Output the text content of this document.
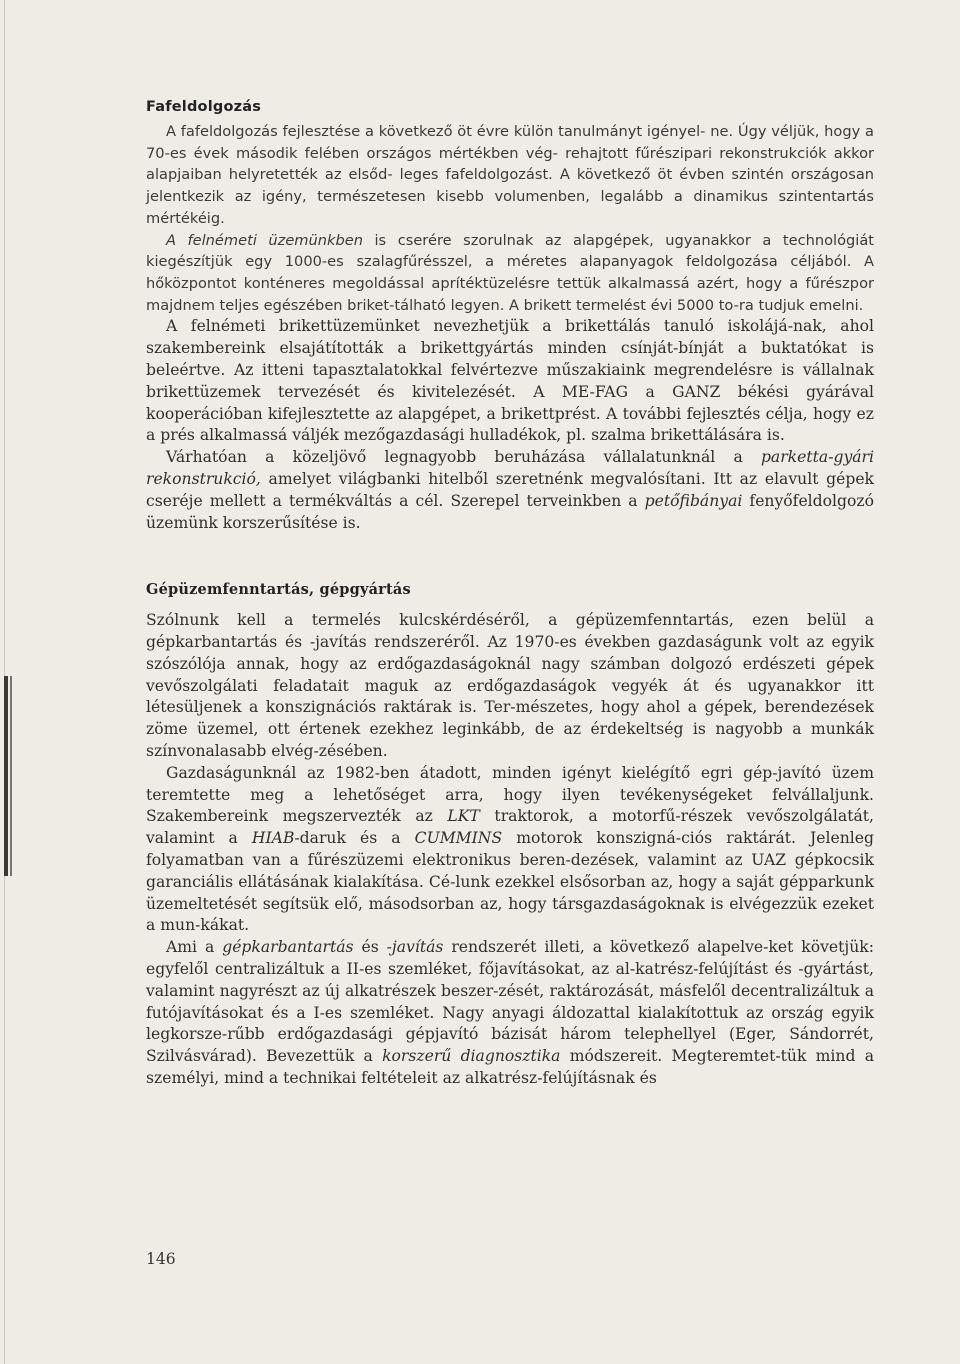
Fafeldolgozás

A fafeldolgozás fejlesztése a következő öt évre külön tanulmányt igényel- ne. Úgy véljük, hogy a 70-es évek második felében országos mértékben vég- rehajtott fűrészipari rekonstrukciók akkor alapjaiban helyretették az elsőd- leges fafeldolgozást. A következő öt évben szintén országosan jelentkezik az igény, természetesen kisebb volumenben, legalább a dinamikus szintentartás mértékéig.

A felnémeti üzemünkben is cserére szorulnak az alapgépek, ugyanakkor a technológiát kiegészítjük egy 1000-es szalagfűrésszel, a méretes alapanyagok feldolgozása céljából. A hőközpontot konténeres megoldással aprítéktüzelésre tettük alkalmassá azért, hogy a fűrészpor majdnem teljes egészében briket-tálható legyen. A brikett termelést évi 5000 to-ra tudjuk emelni.

A felnémeti brikettüzemünket nevezhetjük a brikettálás tanuló iskolájá-nak, ahol szakembereink elsajátították a brikettgyártás minden csínját-bínját a buktatókat is beleértve. Az itteni tapasztalatokkal felvértezve műszakiaink megrendelésre is vállalnak brikettüzemek tervezését és kivitelezését. A ME-FAG a GANZ békési gyárával kooperációban kifejlesztette az alapgépet, a brikettprést. A további fejlesztés célja, hogy ez a prés alkalmassá váljék mezőgazdasági hulladékok, pl. szalma brikettálására is.

Várhatóan a közeljövő legnagyobb beruházása vállalatunknál a parketta-gyári rekonstrukció, amelyet világbanki hitelből szeretnénk megvalósítani. Itt az elavult gépek cseréje mellett a termékváltás a cél. Szerepel terveinkben a petőfibányai fenyőfeldolgozó üzemünk korszerűsítése is.

Gépüzemfenntartás, gépgyártás

Szólnunk kell a termelés kulcskérdéséről, a gépüzemfenntartás, ezen belül a gépkarbantartás és -javítás rendszeréről. Az 1970-es években gazdaságunk volt az egyik szószólója annak, hogy az erdőgazdaságoknál nagy számban dolgozó erdészeti gépek vevőszolgálati feladatait maguk az erdőgazdaságok vegyék át és ugyanakkor itt létesüljenek a konszignációs raktárak is. Ter-mészetes, hogy ahol a gépek, berendezések zöme üzemel, ott értenek ezekhez leginkább, de az érdekeltség is nagyobb a munkák színvonalasabb elvég-zésében.

Gazdaságunknál az 1982-ben átadott, minden igényt kielégítő egri gép-javító üzem teremtette meg a lehetőséget arra, hogy ilyen tevékenységeket felvállaljunk. Szakembereink megszervezték az LKT traktorok, a motorfű-részek vevőszolgálatát, valamint a HIAB-daruk és a CUMMINS motorok konszigná-ciós raktárát. Jelenleg folyamatban van a fűrészüzemi elektronikus beren-dezések, valamint az UAZ gépkocsik garanciális ellátásának kialakítása. Cé-lunk ezekkel elsősorban az, hogy a saját gépparkunk üzemeltetését segítsük elő, másodsorban az, hogy társgazdaságoknak is elvégezzük ezeket a mun-kákat.

Ami a gépkarbantartás és -javítás rendszerét illeti, a következő alapelve-ket követjük: egyfelől centralizáltuk a II-es szemléket, főjavításokat, az al-katrész-felújítást és -gyártást, valamint nagyrészt az új alkatrészek beszer-zését, raktározását, másfelől decentralizáltuk a futójavításokat és a I-es szemléket. Nagy anyagi áldozattal kialakítottuk az ország egyik legkorsze-rűbb erdőgazdasági gépjavító bázisát három telephellyel (Eger, Sándorrét, Szilvásvárad). Bevezettük a korszerű diagnosztika módszereit. Megteremtet-tük mind a személyi, mind a technikai feltételeit az alkatrész-felújításnak és

146
